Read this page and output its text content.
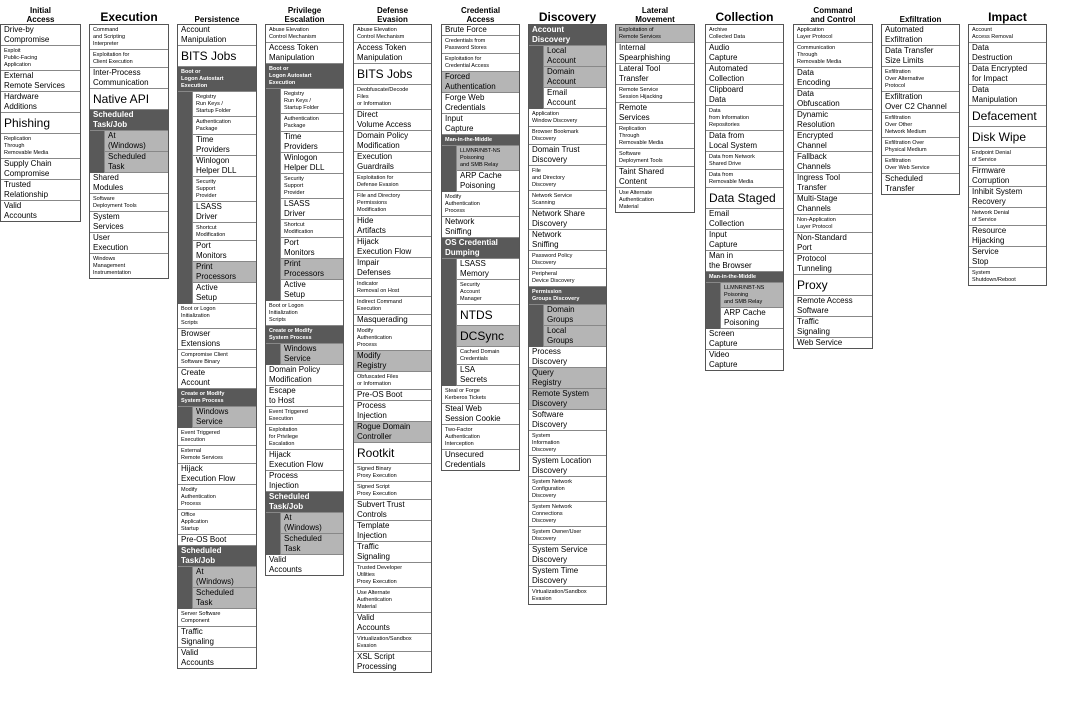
Initial
Access
Drive-by
Compromise
Exploit
Public-Facing
Application
External
Remote Services
Hardware
Additions
Phishing
Replication
Through
Removable Media
Supply Chain
Compromise
Trusted
Relationship
Valid
Accounts
Execution
Command
and Scripting
Interpreter
Exploitation for
Client Execution
Inter-Process
Communication
Native API
Scheduled
Task/Job
At
(Windows)
Scheduled
Task
Shared
Modules
Software
Deployment Tools
System
Services
User
Execution
Windows
Management
Instrumentation
Persistence
Account
Manipulation
BITS Jobs
Boot or
Logon Autostart
Execution
Registry
Run Keys /
Startup Folder
Authentication
Package
Time
Providers
Winlogon
Helper DLL
Security
Support
Provider
LSASS
Driver
Shortcut
Modification
Port
Monitors
Print
Processors
Active
Setup
Boot or Logon
Initialization
Scripts
Browser
Extensions
Compromise Client
Software Binary
Create
Account
Create or Modify
System Process
Windows
Service
Event Triggered
Execution
External
Remote Services
Hijack
Execution Flow
Modify
Authentication
Process
Office
Application
Startup
Pre-OS Boot
Scheduled
Task/Job
At
(Windows)
Scheduled
Task
Server Software
Component
Traffic
Signaling
Valid
Accounts
Privilege
Escalation
Abuse Elevation
Control Mechanism
Access Token
Manipulation
Boot or
Logon Autostart
Execution
Registry
Run Keys /
Startup Folder
Authentication
Package
Time
Providers
Winlogon
Helper DLL
Security
Support
Provider
LSASS
Driver
Shortcut
Modification
Port
Monitors
Print
Processors
Active
Setup
Boot or Logon
Initialization
Scripts
Create or Modify
System Process
Windows
Service
Domain Policy
Modification
Escape
to Host
Event Triggered
Execution
Exploitation
for Privilege
Escalation
Hijack
Execution Flow
Process
Injection
Scheduled
Task/Job
At
(Windows)
Scheduled
Task
Valid
Accounts
Defense
Evasion
Abuse Elevation
Control Mechanism
Access Token
Manipulation
BITS Jobs
Deobfuscate/Decode
Files
or Information
Direct
Volume Access
Domain Policy
Modification
Execution
Guardrails
Exploitation for
Defense Evasion
File and Directory
Permissions
Modification
Hide
Artifacts
Hijack
Execution Flow
Impair
Defenses
Indicator
Removal on Host
Indirect Command
Execution
Masquerading
Modify
Authentication
Process
Modify
Registry
Obfuscated Files
or Information
Pre-OS Boot
Process
Injection
Rogue Domain
Controller
Rootkit
Signed Binary
Proxy Execution
Signed Script
Proxy Execution
Subvert Trust
Controls
Template
Injection
Traffic
Signaling
Trusted Developer
Utilities
Proxy Execution
Use Alternate
Authentication
Material
Valid
Accounts
Virtualization/Sandbox
Evasion
XSL Script
Processing
Credential
Access
Brute Force
Credentials from
Password Stores
Exploitation for
Credential Access
Forced
Authentication
Forge Web
Credentials
Input
Capture
Man-in-the-Middle
LLMNR/NBT-NS
Poisoning
and SMB Relay
ARP Cache
Poisoning
Modify
Authentication
Process
Network
Sniffing
OS Credential
Dumping
LSASS
Memory
Security
Account
Manager
NTDS
DCSync
Cached Domain
Credentials
LSA
Secrets
Steal or Forge
Kerberos Tickets
Steal Web
Session Cookie
Two-Factor
Authentication
Interception
Unsecured
Credentials
Discovery
Account
Discovery
Local
Account
Domain
Account
Email
Account
Application
Window Discovery
Browser Bookmark
Discovery
Domain Trust
Discovery
File
and Directory
Discovery
Network Service
Scanning
Network Share
Discovery
Network
Sniffing
Password Policy
Discovery
Peripheral
Device Discovery
Permission
Groups Discovery
Domain
Groups
Local
Groups
Process
Discovery
Query
Registry
Remote System
Discovery
Software
Discovery
System
Information
Discovery
System Location
Discovery
System Network
Configuration
Discovery
System Network
Connections
Discovery
System Owner/User
Discovery
System Service
Discovery
System Time
Discovery
Virtualization/Sandbox
Evasion
Lateral
Movement
Exploitation of
Remote Services
Internal
Spearphishing
Lateral Tool
Transfer
Remote Service
Session Hijacking
Remote
Services
Replication
Through
Removable Media
Software
Deployment Tools
Taint Shared
Content
Use Alternate
Authentication
Material
Collection
Archive
Collected Data
Audio
Capture
Automated
Collection
Clipboard
Data
Data
from Information
Repositories
Data from
Local System
Data from Network
Shared Drive
Data from
Removable Media
Data Staged
Email
Collection
Input
Capture
Man in
the Browser
Man-in-the-Middle
LLMNR/NBT-NS
Poisoning
and SMB Relay
ARP Cache
Poisoning
Screen
Capture
Video
Capture
Command
and Control
Application
Layer Protocol
Communication
Through
Removable Media
Data
Encoding
Data
Obfuscation
Dynamic
Resolution
Encrypted
Channel
Fallback
Channels
Ingress Tool
Transfer
Multi-Stage
Channels
Non-Application
Layer Protocol
Non-Standard
Port
Protocol
Tunneling
Proxy
Remote Access
Software
Traffic
Signaling
Web Service
Exfiltration
Automated
Exfiltration
Data Transfer
Size Limits
Exfiltration
Over Alternative
Protocol
Exfiltration
Over C2 Channel
Exfiltration
Over Other
Network Medium
Exfiltration Over
Physical Medium
Exfiltration
Over Web Service
Scheduled
Transfer
Impact
Account
Access Removal
Data
Destruction
Data Encrypted
for Impact
Data
Manipulation
Defacement
Disk Wipe
Endpoint Denial
of Service
Firmware
Corruption
Inhibit System
Recovery
Network Denial
of Service
Resource
Hijacking
Service
Stop
System
Shutdown/Reboot
